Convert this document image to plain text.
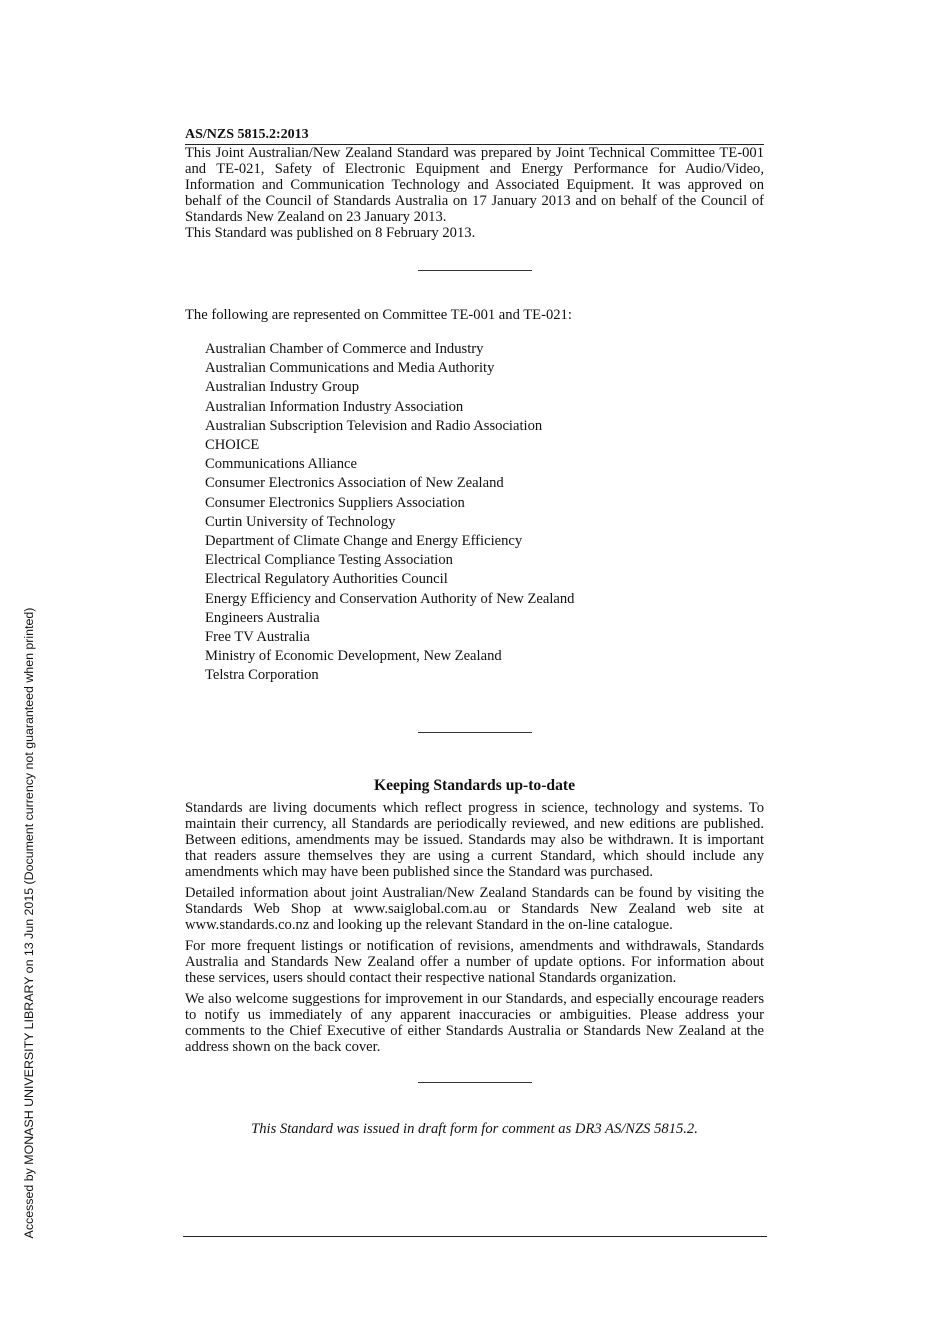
Accessed by MONASH UNIVERSITY LIBRARY on 13 Jun 2015 (Document currency not guaranteed when printed)
AS/NZS 5815.2:2013

This Joint Australian/New Zealand Standard was prepared by Joint Technical Committee TE-001 and TE-021, Safety of Electronic Equipment and Energy Performance for Audio/Video, Information and Communication Technology and Associated Equipment. It was approved on behalf of the Council of Standards Australia on 17 January 2013 and on behalf of the Council of Standards New Zealand on 23 January 2013.

This Standard was published on 8 February 2013.

The following are represented on Committee TE-001 and TE-021:

Australian Chamber of Commerce and Industry
Australian Communications and Media Authority
Australian Industry Group
Australian Information Industry Association
Australian Subscription Television and Radio Association
CHOICE
Communications Alliance
Consumer Electronics Association of New Zealand
Consumer Electronics Suppliers Association
Curtin University of Technology
Department of Climate Change and Energy Efficiency
Electrical Compliance Testing Association
Electrical Regulatory Authorities Council
Energy Efficiency and Conservation Authority of New Zealand
Engineers Australia
Free TV Australia
Ministry of Economic Development, New Zealand
Telstra Corporation
Keeping Standards up-to-date

Standards are living documents which reflect progress in science, technology and systems. To maintain their currency, all Standards are periodically reviewed, and new editions are published. Between editions, amendments may be issued. Standards may also be withdrawn. It is important that readers assure themselves they are using a current Standard, which should include any amendments which may have been published since the Standard was purchased.

Detailed information about joint Australian/New Zealand Standards can be found by visiting the Standards Web Shop at www.saiglobal.com.au or Standards New Zealand web site at www.standards.co.nz and looking up the relevant Standard in the on-line catalogue.

For more frequent listings or notification of revisions, amendments and withdrawals, Standards Australia and Standards New Zealand offer a number of update options. For information about these services, users should contact their respective national Standards organization.

We also welcome suggestions for improvement in our Standards, and especially encourage readers to notify us immediately of any apparent inaccuracies or ambiguities. Please address your comments to the Chief Executive of either Standards Australia or Standards New Zealand at the address shown on the back cover.

This Standard was issued in draft form for comment as DR3 AS/NZS 5815.2.
